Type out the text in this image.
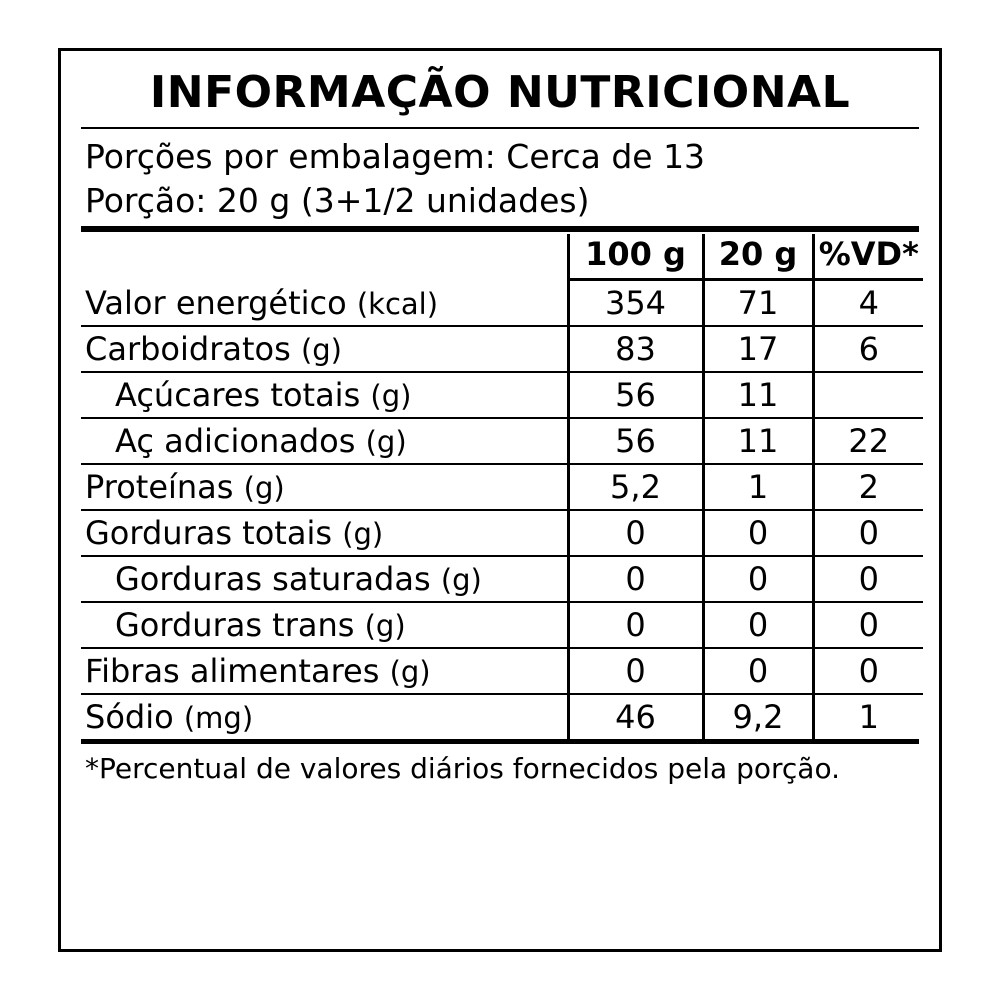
INFORMAÇÃO NUTRICIONAL
Porções por embalagem: Cerca de 13
Porção: 20 g (3+1/2 unidades)
	100 g	20 g	%VD*
Valor energético (kcal)	354	71	4
Carboidratos (g)	83	17	6
Açúcares totais (g)	56	11	
Aç adicionados (g)	56	11	22
Proteínas (g)	5,2	1	2
Gorduras totais (g)	0	0	0
Gorduras saturadas (g)	0	0	0
Gorduras trans (g)	0	0	0
Fibras alimentares (g)	0	0	0
Sódio (mg)	46	9,2	1
*Percentual de valores diários fornecidos pela porção.
